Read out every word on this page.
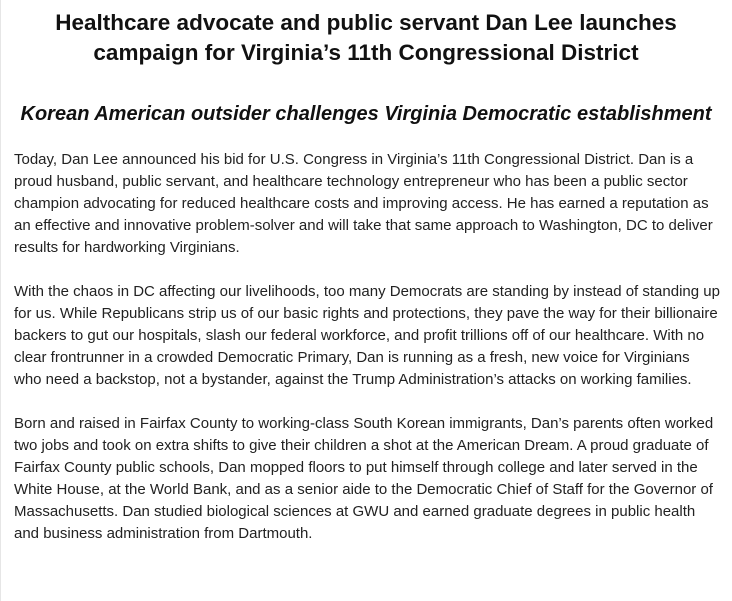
Healthcare advocate and public servant Dan Lee launches campaign for Virginia’s 11th Congressional District
Korean American outsider challenges Virginia Democratic establishment

Today, Dan Lee announced his bid for U.S. Congress in Virginia’s 11th Congressional District. Dan is a proud husband, public servant, and healthcare technology entrepreneur who has been a public sector champion advocating for reduced healthcare costs and improving access. He has earned a reputation as an effective and innovative problem-solver and will take that same approach to Washington, DC to deliver results for hardworking Virginians.

With the chaos in DC affecting our livelihoods, too many Democrats are standing by instead of standing up for us. While Republicans strip us of our basic rights and protections, they pave the way for their billionaire backers to gut our hospitals, slash our federal workforce, and profit trillions off of our healthcare. With no clear frontrunner in a crowded Democratic Primary, Dan is running as a fresh, new voice for Virginians who need a backstop, not a bystander, against the Trump Administration’s attacks on working families.

Born and raised in Fairfax County to working-class South Korean immigrants, Dan’s parents often worked two jobs and took on extra shifts to give their children a shot at the American Dream. A proud graduate of Fairfax County public schools, Dan mopped floors to put himself through college and later served in the White House, at the World Bank, and as a senior aide to the Democratic Chief of Staff for the Governor of Massachusetts. Dan studied biological sciences at GWU and earned graduate degrees in public health and business administration from Dartmouth.
